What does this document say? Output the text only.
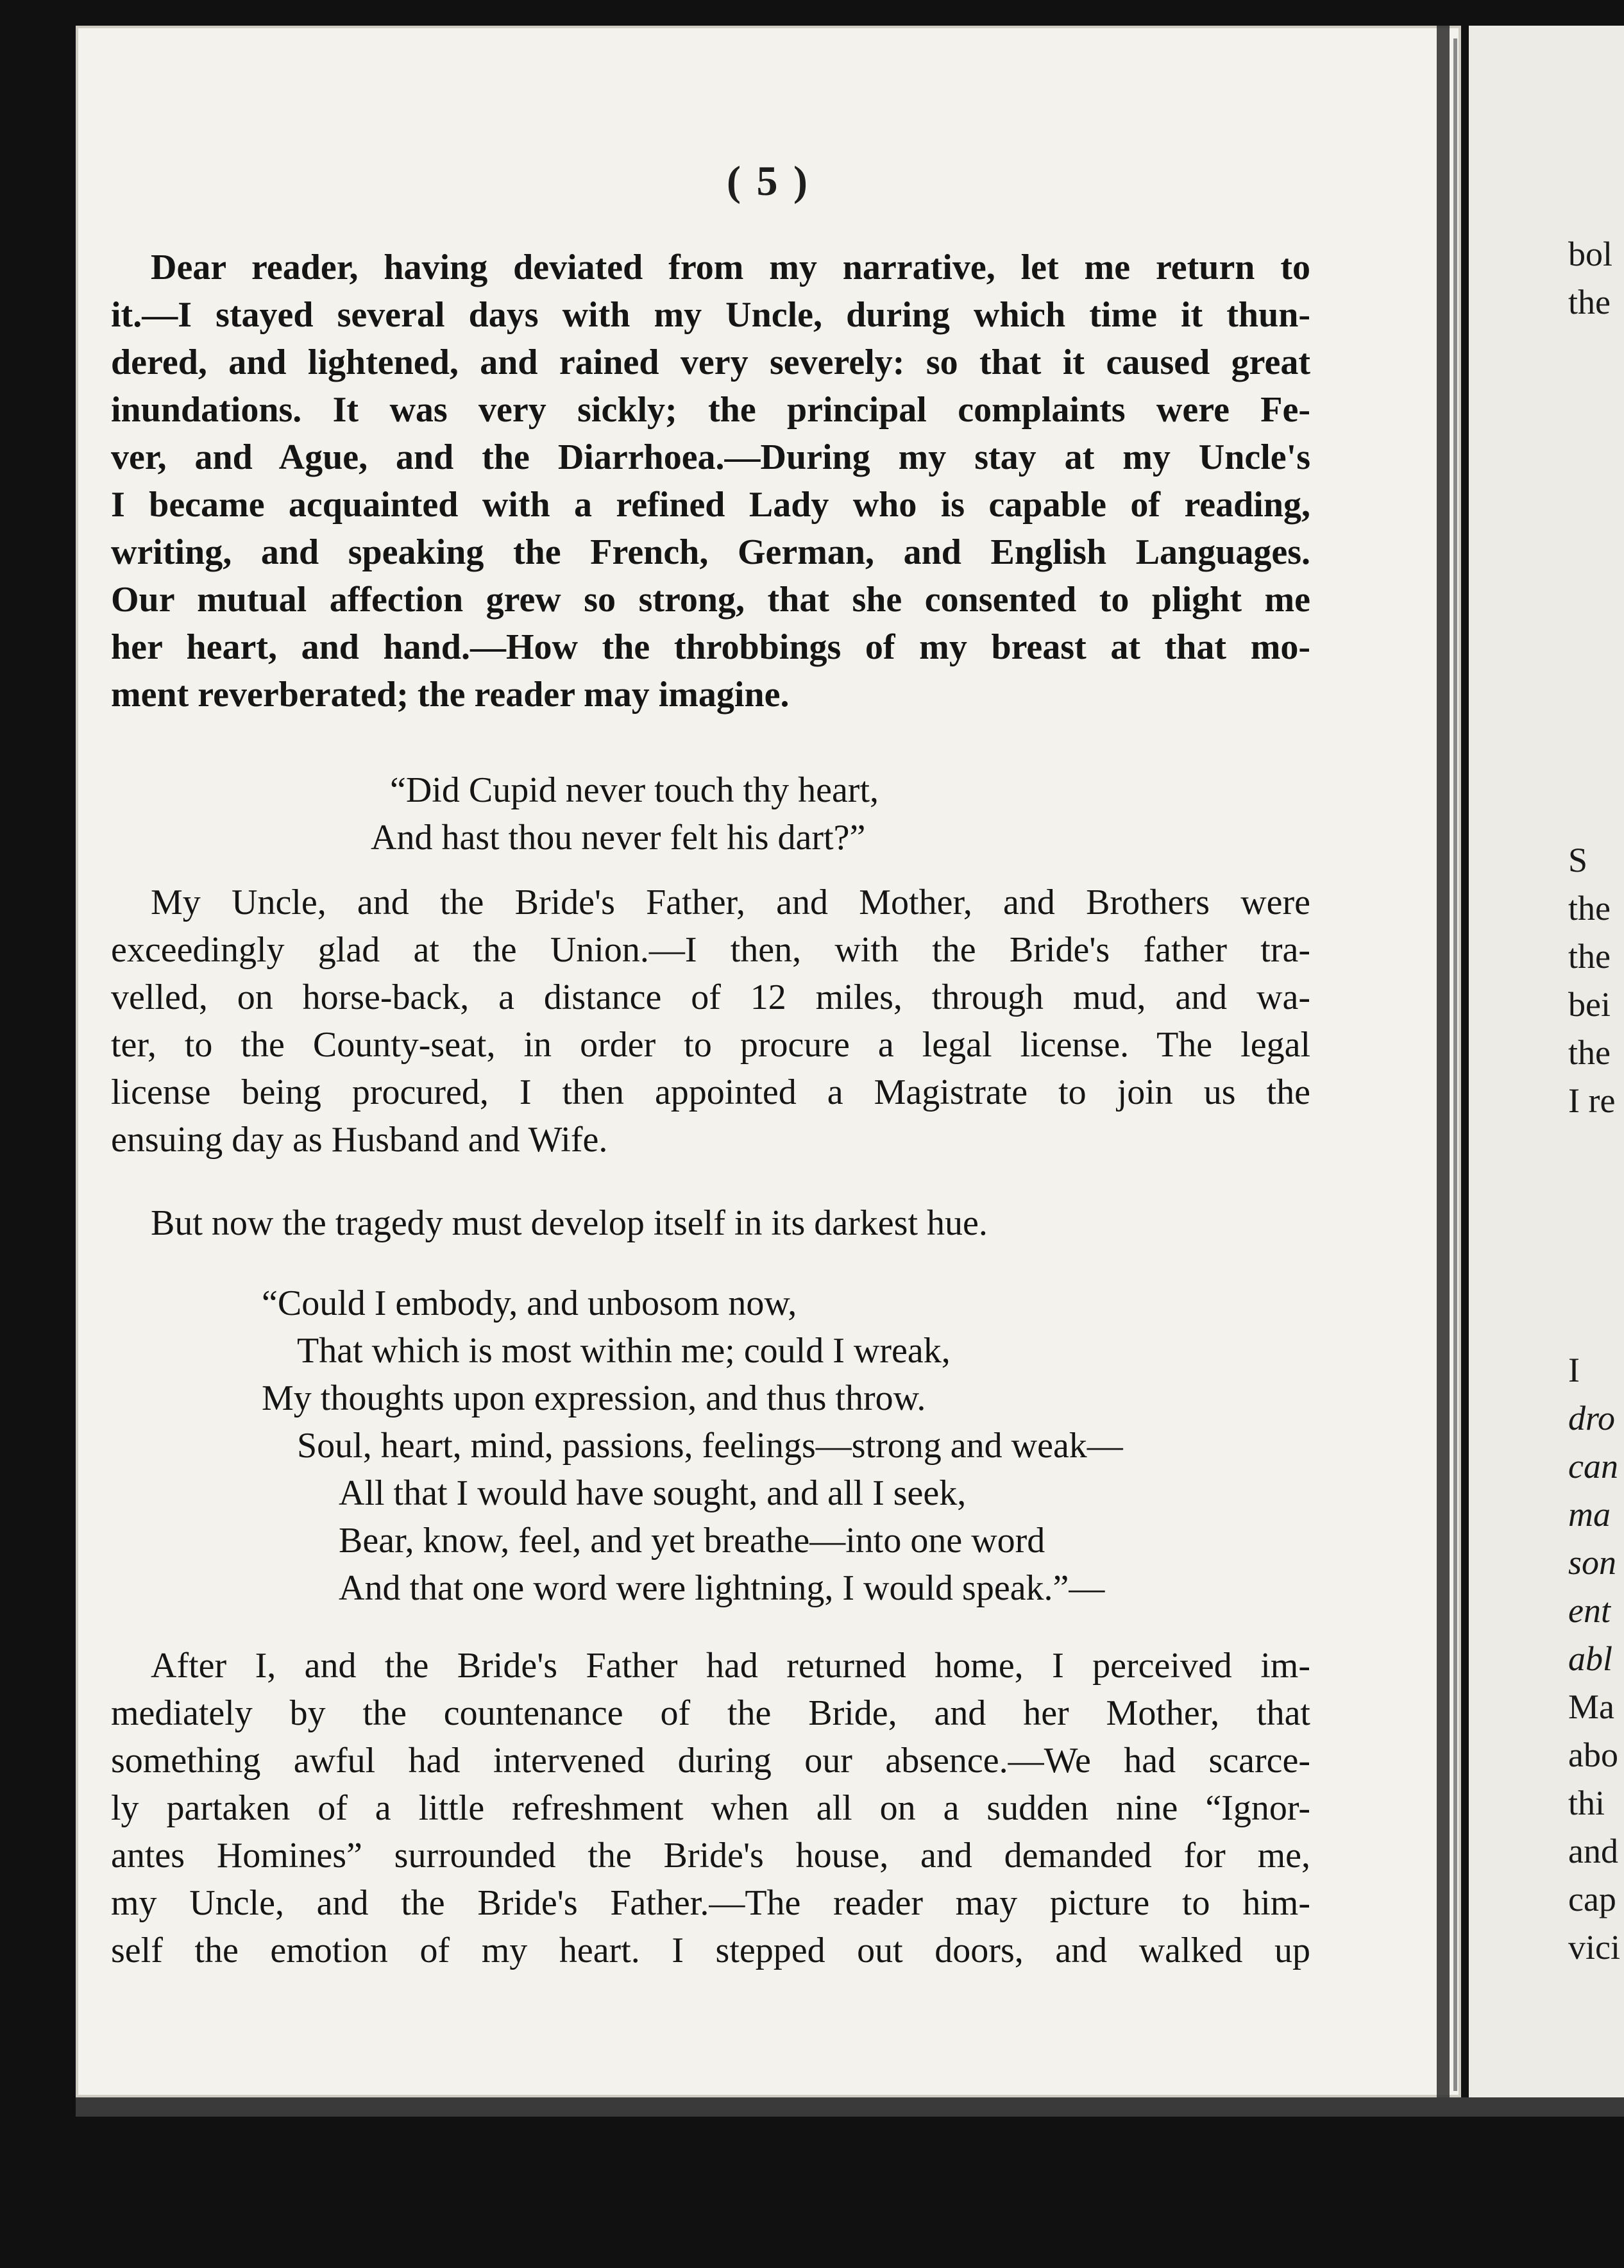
( 5 )
Dear reader, having deviated from my narrative, let me return to
it.—I stayed several days with my Uncle, during which time it thun-
dered, and lightened, and rained very severely: so that it caused great
inundations. It was very sickly; the principal complaints were Fe-
ver, and Ague, and the Diarrhoea.—During my stay at my Uncle's
I became acquainted with a refined Lady who is capable of reading,
writing, and speaking the French, German, and English Languages.
Our mutual affection grew so strong, that she consented to plight me
her heart, and hand.—How the throbbings of my breast at that mo-
ment reverberated; the reader may imagine.
“Did Cupid never touch thy heart,
And hast thou never felt his dart?”
My Uncle, and the Bride's Father, and Mother, and Brothers were
exceedingly glad at the Union.—I then, with the Bride's father tra-
velled, on horse-back, a distance of 12 miles, through mud, and wa-
ter, to the County-seat, in order to procure a legal license. The legal
license being procured, I then appointed a Magistrate to join us the
ensuing day as Husband and Wife.
But now the tragedy must develop itself in its darkest hue.
“Could I embody, and unbosom now,
That which is most within me; could I wreak,
My thoughts upon expression, and thus throw.
Soul, heart, mind, passions, feelings—strong and weak—
All that I would have sought, and all I seek,
Bear, know, feel, and yet breathe—into one word
And that one word were lightning, I would speak.”—
After I, and the Bride's Father had returned home, I perceived im-
mediately by the countenance of the Bride, and her Mother, that
something awful had intervened during our absence.—We had scarce-
ly partaken of a little refreshment when all on a sudden nine “Ignor-
antes Homines” surrounded the Bride's house, and demanded for me,
my Uncle, and the Bride's Father.—The reader may picture to him-
self the emotion of my heart. I stepped out doors, and walked up
bol
the
S
the
the
bei
the
I re
I
dro
can
ma
son
ent
abl
Ma
abo
thi
and
cap
vici
